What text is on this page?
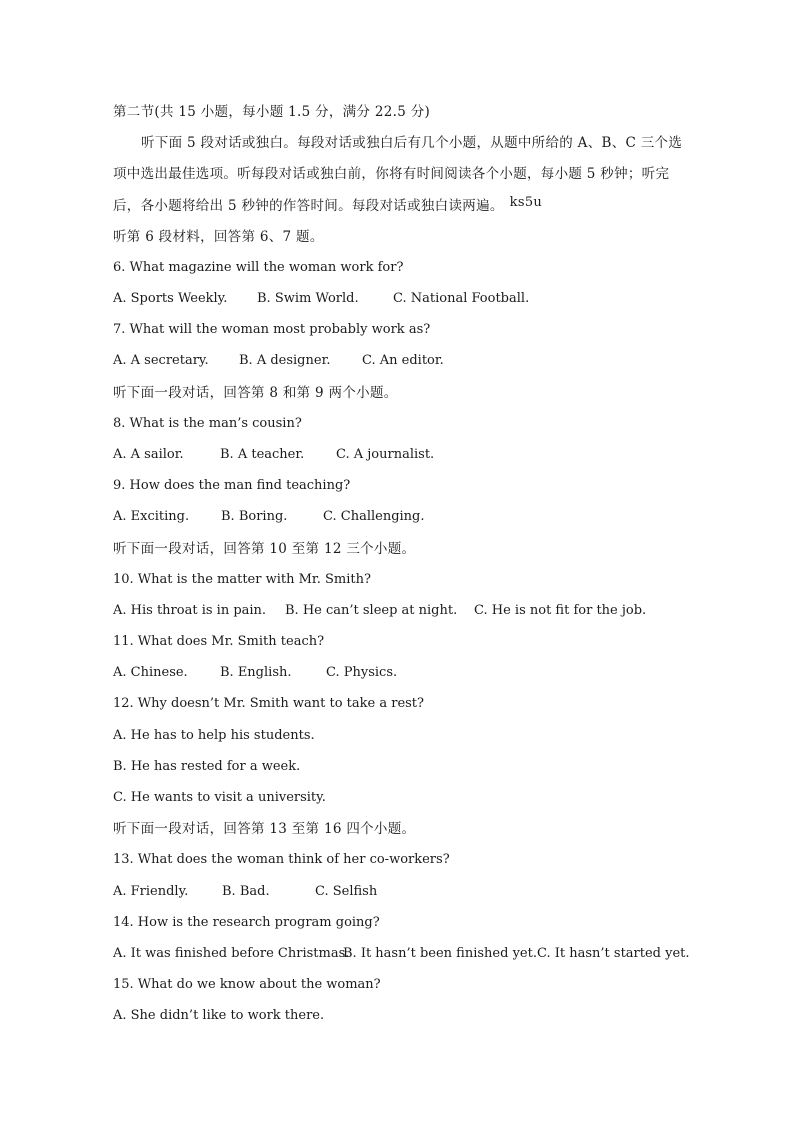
第二节(共 15 小题，每小题 1.5 分，满分 22.5 分)
听下面 5 段对话或独白。每段对话或独白后有几个小题，从题中所给的 A、B、C 三个选
项中选出最佳选项。听每段对话或独白前，你将有时间阅读各个小题，每小题 5 秒钟；听完
后，各小题将给出 5 秒钟的作答时间。每段对话或独白读两遍。 ks5u
听第 6 段材料，回答第 6、7 题。
6. What magazine will the woman work for?
A. Sports Weekly. B. Swim World.	C. National Football.
7. What will the woman most probably work as?
A. A secretary. B. A designer. C. An editor.
听下面一段对话，回答第 8 和第 9 两个小题。
8. What is the man’s cousin?
A. A sailor.	B. A teacher. C. A journalist.
9. How does the man find teaching?
A. Exciting. B. Boring.	C. Challenging.
听下面一段对话，回答第 10 至第 12 三个小题。
10. What is the matter with Mr. Smith?
A. His throat is in pain. B. He can’t sleep at night. C. He is not fit for the job.
11. What does Mr. Smith teach?
A. Chinese. B. English.	C. Physics.
12. Why doesn’t Mr. Smith want to take a rest?
A. He has to help his students.
B. He has rested for a week.
C. He wants to visit a university.
听下面一段对话，回答第 13 至第 16 四个小题。
13. What does the woman think of her co-workers?
A. Friendly.	B. Bad.	C. Selfish
14. How is the research program going?
A. It was finished before Christmas.B. It hasn’t been finished yet.C. It hasn’t started yet.
15. What do we know about the woman?
A. She didn’t like to work there.
